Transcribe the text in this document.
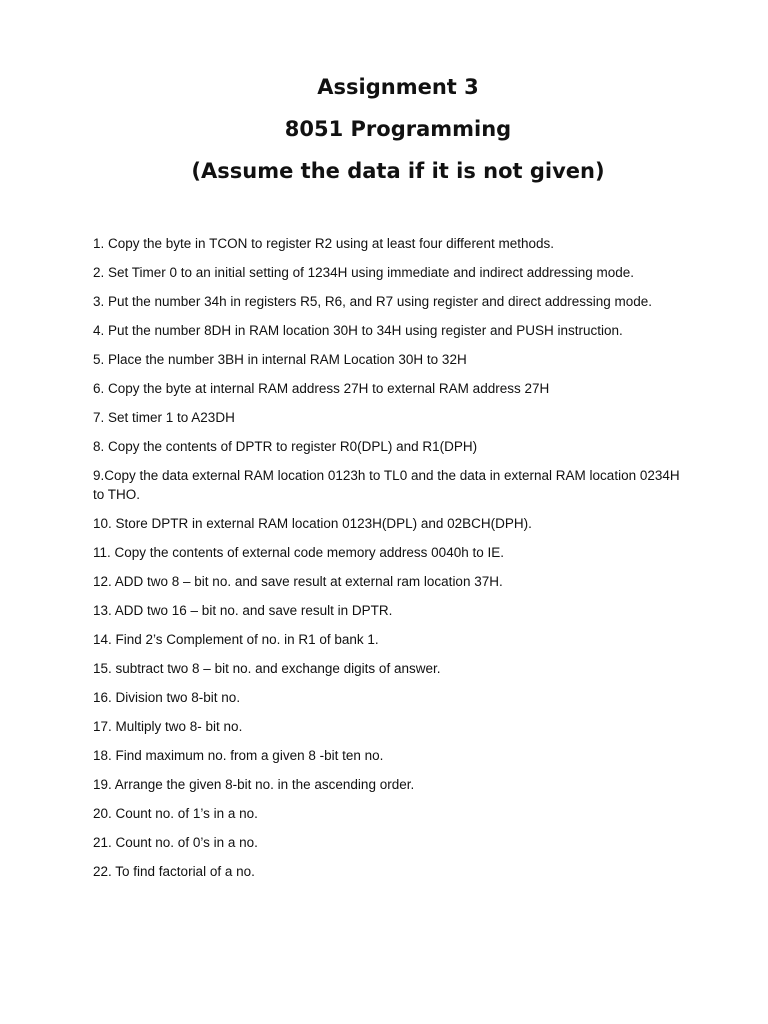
Assignment 3
8051 Programming
(Assume the data if it is not given)
1. Copy the byte in TCON to register R2 using at least four different methods.
2. Set Timer 0 to an initial setting of 1234H using immediate and indirect addressing mode.
3. Put the number 34h in registers R5, R6, and R7 using register and direct addressing mode.
4. Put the number 8DH in RAM location 30H to 34H using register and PUSH instruction.
5. Place the number 3BH in internal RAM Location 30H to 32H
6. Copy the byte at internal RAM address 27H to external RAM address 27H
7. Set timer 1 to A23DH
8. Copy the contents of DPTR to register R0(DPL) and R1(DPH)
9.Copy the data external RAM location 0123h to TL0 and the data in external RAM location 0234H to THO.
10. Store DPTR in external RAM location 0123H(DPL) and 02BCH(DPH).
11. Copy the contents of external code memory address 0040h to IE.
12. ADD two 8 – bit no. and save result at external ram location 37H.
13. ADD two 16 – bit no. and save result in DPTR.
14. Find 2’s Complement of no. in R1 of bank 1.
15. subtract two 8 – bit no. and exchange digits of answer.
16. Division two 8-bit no.
17. Multiply two 8- bit no.
18. Find maximum no. from a given 8 -bit ten no.
19. Arrange the given 8-bit no. in the ascending order.
20. Count no. of 1’s in a no.
21. Count no. of 0’s in a no.
22. To find factorial of a no.
